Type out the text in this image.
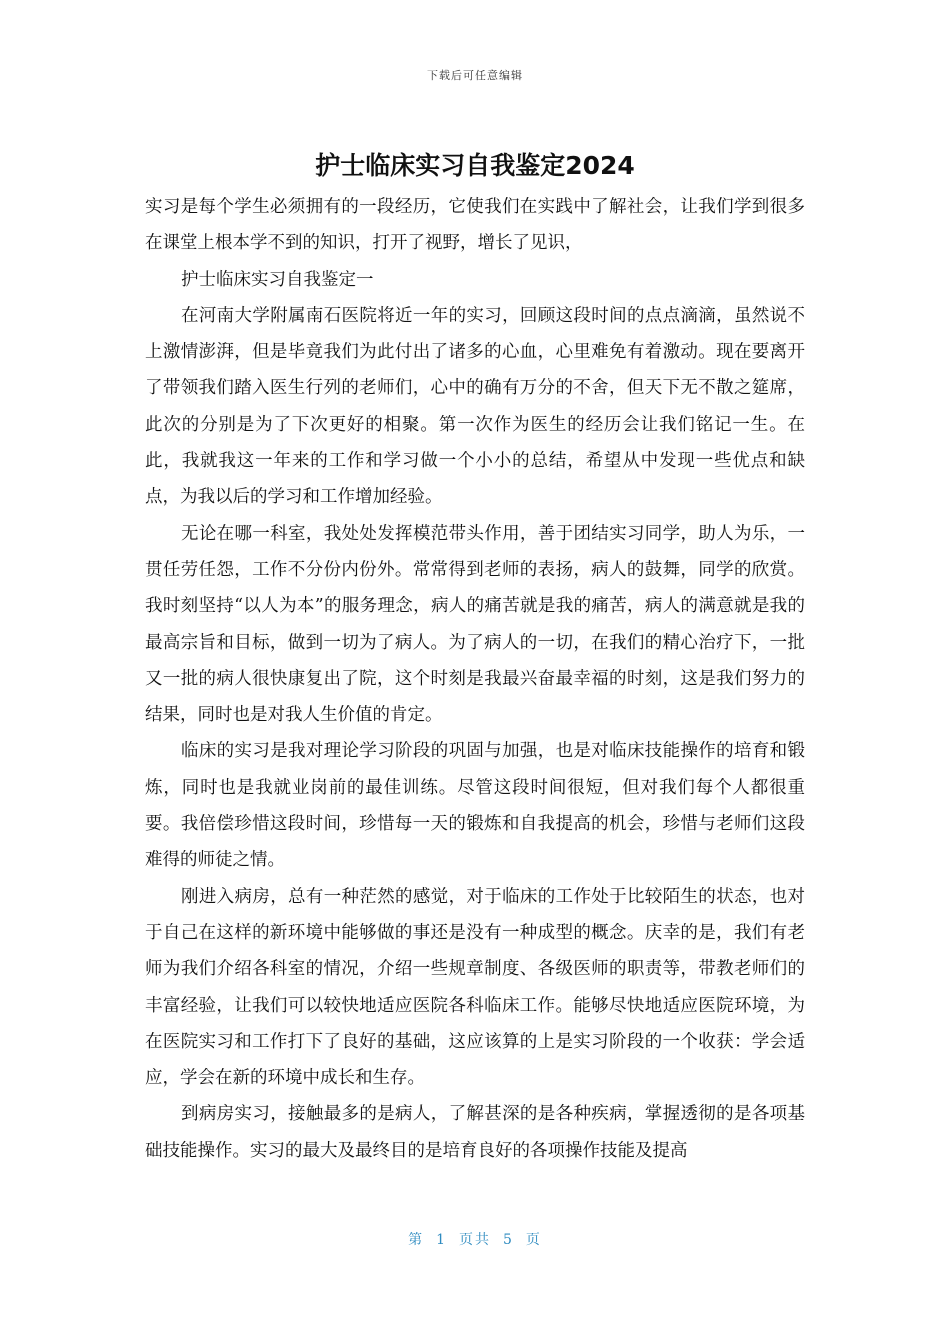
下载后可任意编辑
护士临床实习自我鉴定2024

实习是每个学生必须拥有的一段经历，它使我们在实践中了解社会，让我们学到很多在课堂上根本学不到的知识，打开了视野，增长了见识，

护士临床实习自我鉴定一

在河南大学附属南石医院将近一年的实习，回顾这段时间的点点滴滴，虽然说不上激情澎湃，但是毕竟我们为此付出了诸多的心血，心里难免有着激动。现在要离开了带领我们踏入医生行列的老师们，心中的确有万分的不舍，但天下无不散之筵席，此次的分别是为了下次更好的相聚。第一次作为医生的经历会让我们铭记一生。在此，我就我这一年来的工作和学习做一个小小的总结，希望从中发现一些优点和缺点，为我以后的学习和工作增加经验。

无论在哪一科室，我处处发挥模范带头作用，善于团结实习同学，助人为乐，一贯任劳任怨，工作不分份内份外。常常得到老师的表扬，病人的鼓舞，同学的欣赏。我时刻坚持“以人为本”的服务理念，病人的痛苦就是我的痛苦，病人的满意就是我的最高宗旨和目标，做到一切为了病人。为了病人的一切，在我们的精心治疗下，一批又一批的病人很快康复出了院，这个时刻是我最兴奋最幸福的时刻，这是我们努力的结果，同时也是对我人生价值的肯定。

临床的实习是我对理论学习阶段的巩固与加强，也是对临床技能操作的培育和锻炼，同时也是我就业岗前的最佳训练。尽管这段时间很短，但对我们每个人都很重要。我倍偿珍惜这段时间，珍惜每一天的锻炼和自我提高的机会，珍惜与老师们这段难得的师徒之情。

刚进入病房，总有一种茫然的感觉，对于临床的工作处于比较陌生的状态，也对于自己在这样的新环境中能够做的事还是没有一种成型的概念。庆幸的是，我们有老师为我们介绍各科室的情况，介绍一些规章制度、各级医师的职责等，带教老师们的丰富经验，让我们可以较快地适应医院各科临床工作。能够尽快地适应医院环境，为在医院实习和工作打下了良好的基础，这应该算的上是实习阶段的一个收获：学会适应，学会在新的环境中成长和生存。

到病房实习，接触最多的是病人，了解甚深的是各种疾病，掌握透彻的是各项基础技能操作。实习的最大及最终目的是培育良好的各项操作技能及提高

第 1 页共 5 页
